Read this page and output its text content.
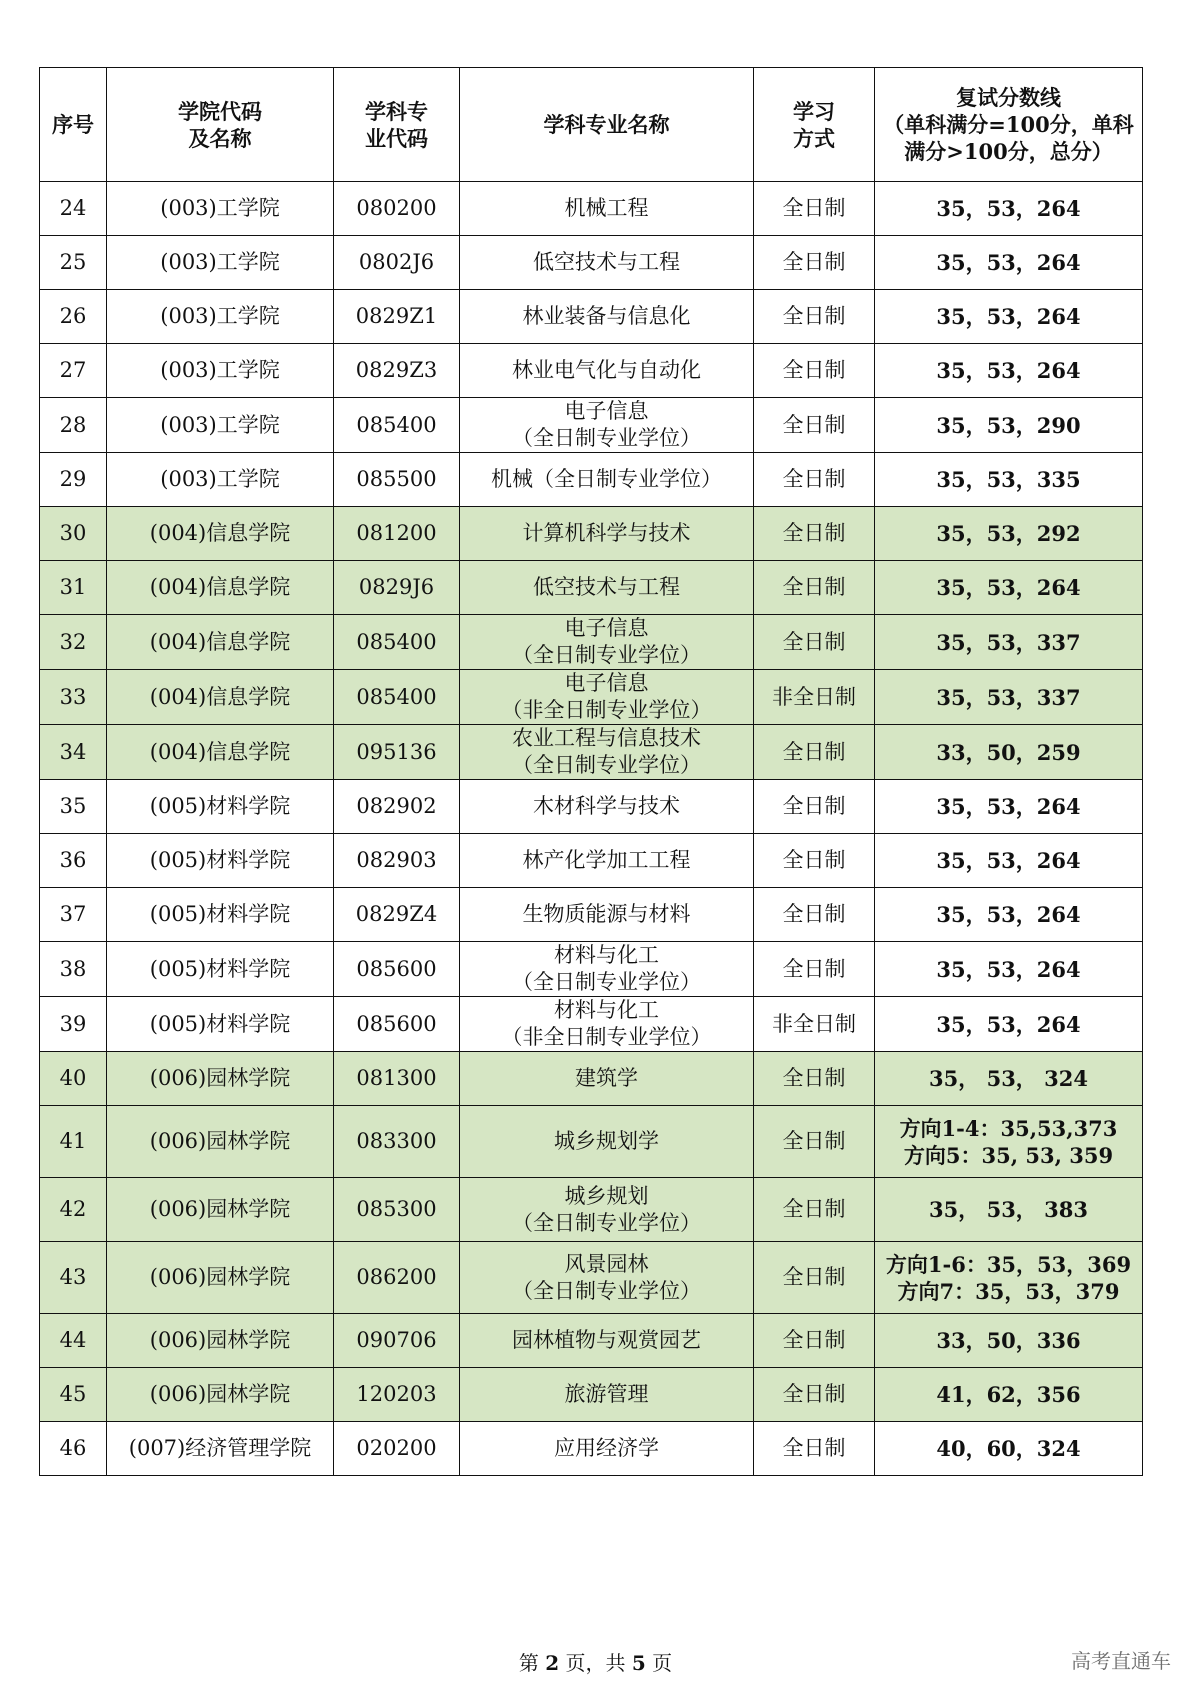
序号	学院代码
及名称	学科专
业代码	学科专业名称	学习
方式	复试分数线
（单科满分=100分，单科
满分>100分，总分）
24	(003)工学院	080200	机械工程	全日制	35，53，264
25	(003)工学院	0802J6	低空技术与工程	全日制	35，53，264
26	(003)工学院	0829Z1	林业装备与信息化	全日制	35，53，264
27	(003)工学院	0829Z3	林业电气化与自动化	全日制	35，53，264
28	(003)工学院	085400	电子信息
（全日制专业学位）	全日制	35，53，290
29	(003)工学院	085500	机械（全日制专业学位）	全日制	35，53，335
30	(004)信息学院	081200	计算机科学与技术	全日制	35，53，292
31	(004)信息学院	0829J6	低空技术与工程	全日制	35，53，264
32	(004)信息学院	085400	电子信息
（全日制专业学位）	全日制	35，53，337
33	(004)信息学院	085400	电子信息
（非全日制专业学位）	非全日制	35，53，337
34	(004)信息学院	095136	农业工程与信息技术
（全日制专业学位）	全日制	33，50，259
35	(005)材料学院	082902	木材科学与技术	全日制	35，53，264
36	(005)材料学院	082903	林产化学加工工程	全日制	35，53，264
37	(005)材料学院	0829Z4	生物质能源与材料	全日制	35，53，264
38	(005)材料学院	085600	材料与化工
（全日制专业学位）	全日制	35，53，264
39	(005)材料学院	085600	材料与化工
（非全日制专业学位）	非全日制	35，53，264
40	(006)园林学院	081300	建筑学	全日制	35， 53， 324
41	(006)园林学院	083300	城乡规划学	全日制	方向1-4：35,53,373
方向5：35, 53, 359
42	(006)园林学院	085300	城乡规划
（全日制专业学位）	全日制	35， 53， 383
43	(006)园林学院	086200	风景园林
（全日制专业学位）	全日制	方向1-6：35，53，369
方向7：35，53，379
44	(006)园林学院	090706	园林植物与观赏园艺	全日制	33，50，336
45	(006)园林学院	120203	旅游管理	全日制	41，62，356
46	(007)经济管理学院	020200	应用经济学	全日制	40，60，324
第 2 页，共 5 页	高考直通车
